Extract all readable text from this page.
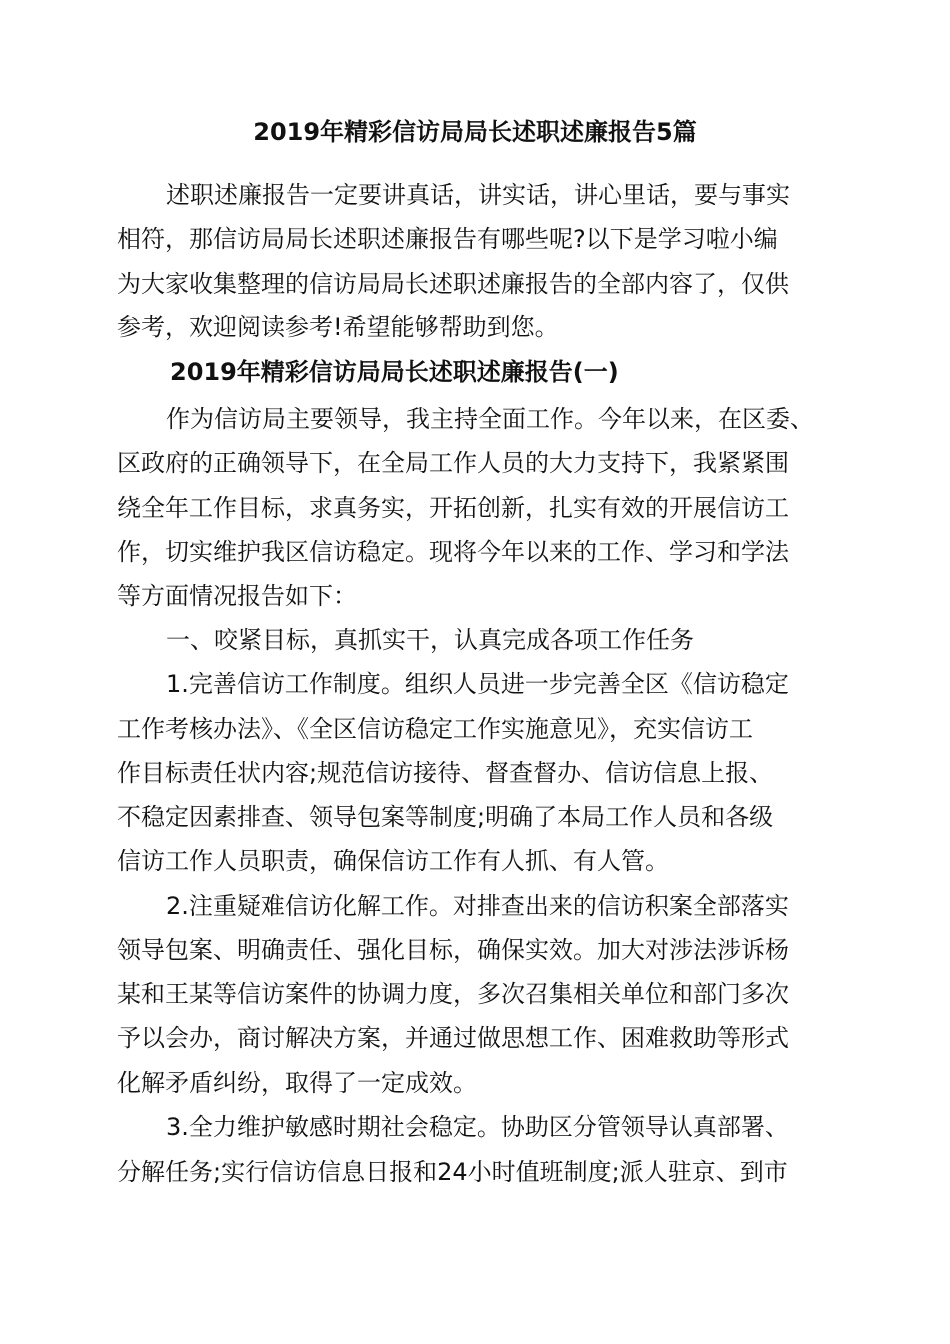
2019年精彩信访局局长述职述廉报告5篇

述职述廉报告一定要讲真话，讲实话，讲心里话，要与事实

相符，那信访局局长述职述廉报告有哪些呢?以下是学习啦小编

为大家收集整理的信访局局长述职述廉报告的全部内容了，仅供

参考，欢迎阅读参考!希望能够帮助到您。

2019年精彩信访局局长述职述廉报告(一)

作为信访局主要领导，我主持全面工作。今年以来，在区委、

区政府的正确领导下，在全局工作人员的大力支持下，我紧紧围

绕全年工作目标，求真务实，开拓创新，扎实有效的开展信访工

作，切实维护我区信访稳定。现将今年以来的工作、学习和学法

等方面情况报告如下：

一、咬紧目标，真抓实干，认真完成各项工作任务

1.完善信访工作制度。组织人员进一步完善全区《信访稳定

工作考核办法》、《全区信访稳定工作实施意见》，充实信访工

作目标责任状内容;规范信访接待、督查督办、信访信息上报、

不稳定因素排查、领导包案等制度;明确了本局工作人员和各级

信访工作人员职责，确保信访工作有人抓、有人管。

2.注重疑难信访化解工作。对排查出来的信访积案全部落实

领导包案、明确责任、强化目标，确保实效。加大对涉法涉诉杨

某和王某等信访案件的协调力度，多次召集相关单位和部门多次

予以会办，商讨解决方案，并通过做思想工作、困难救助等形式

化解矛盾纠纷，取得了一定成效。

3.全力维护敏感时期社会稳定。协助区分管领导认真部署、

分解任务;实行信访信息日报和24小时值班制度;派人驻京、到市
